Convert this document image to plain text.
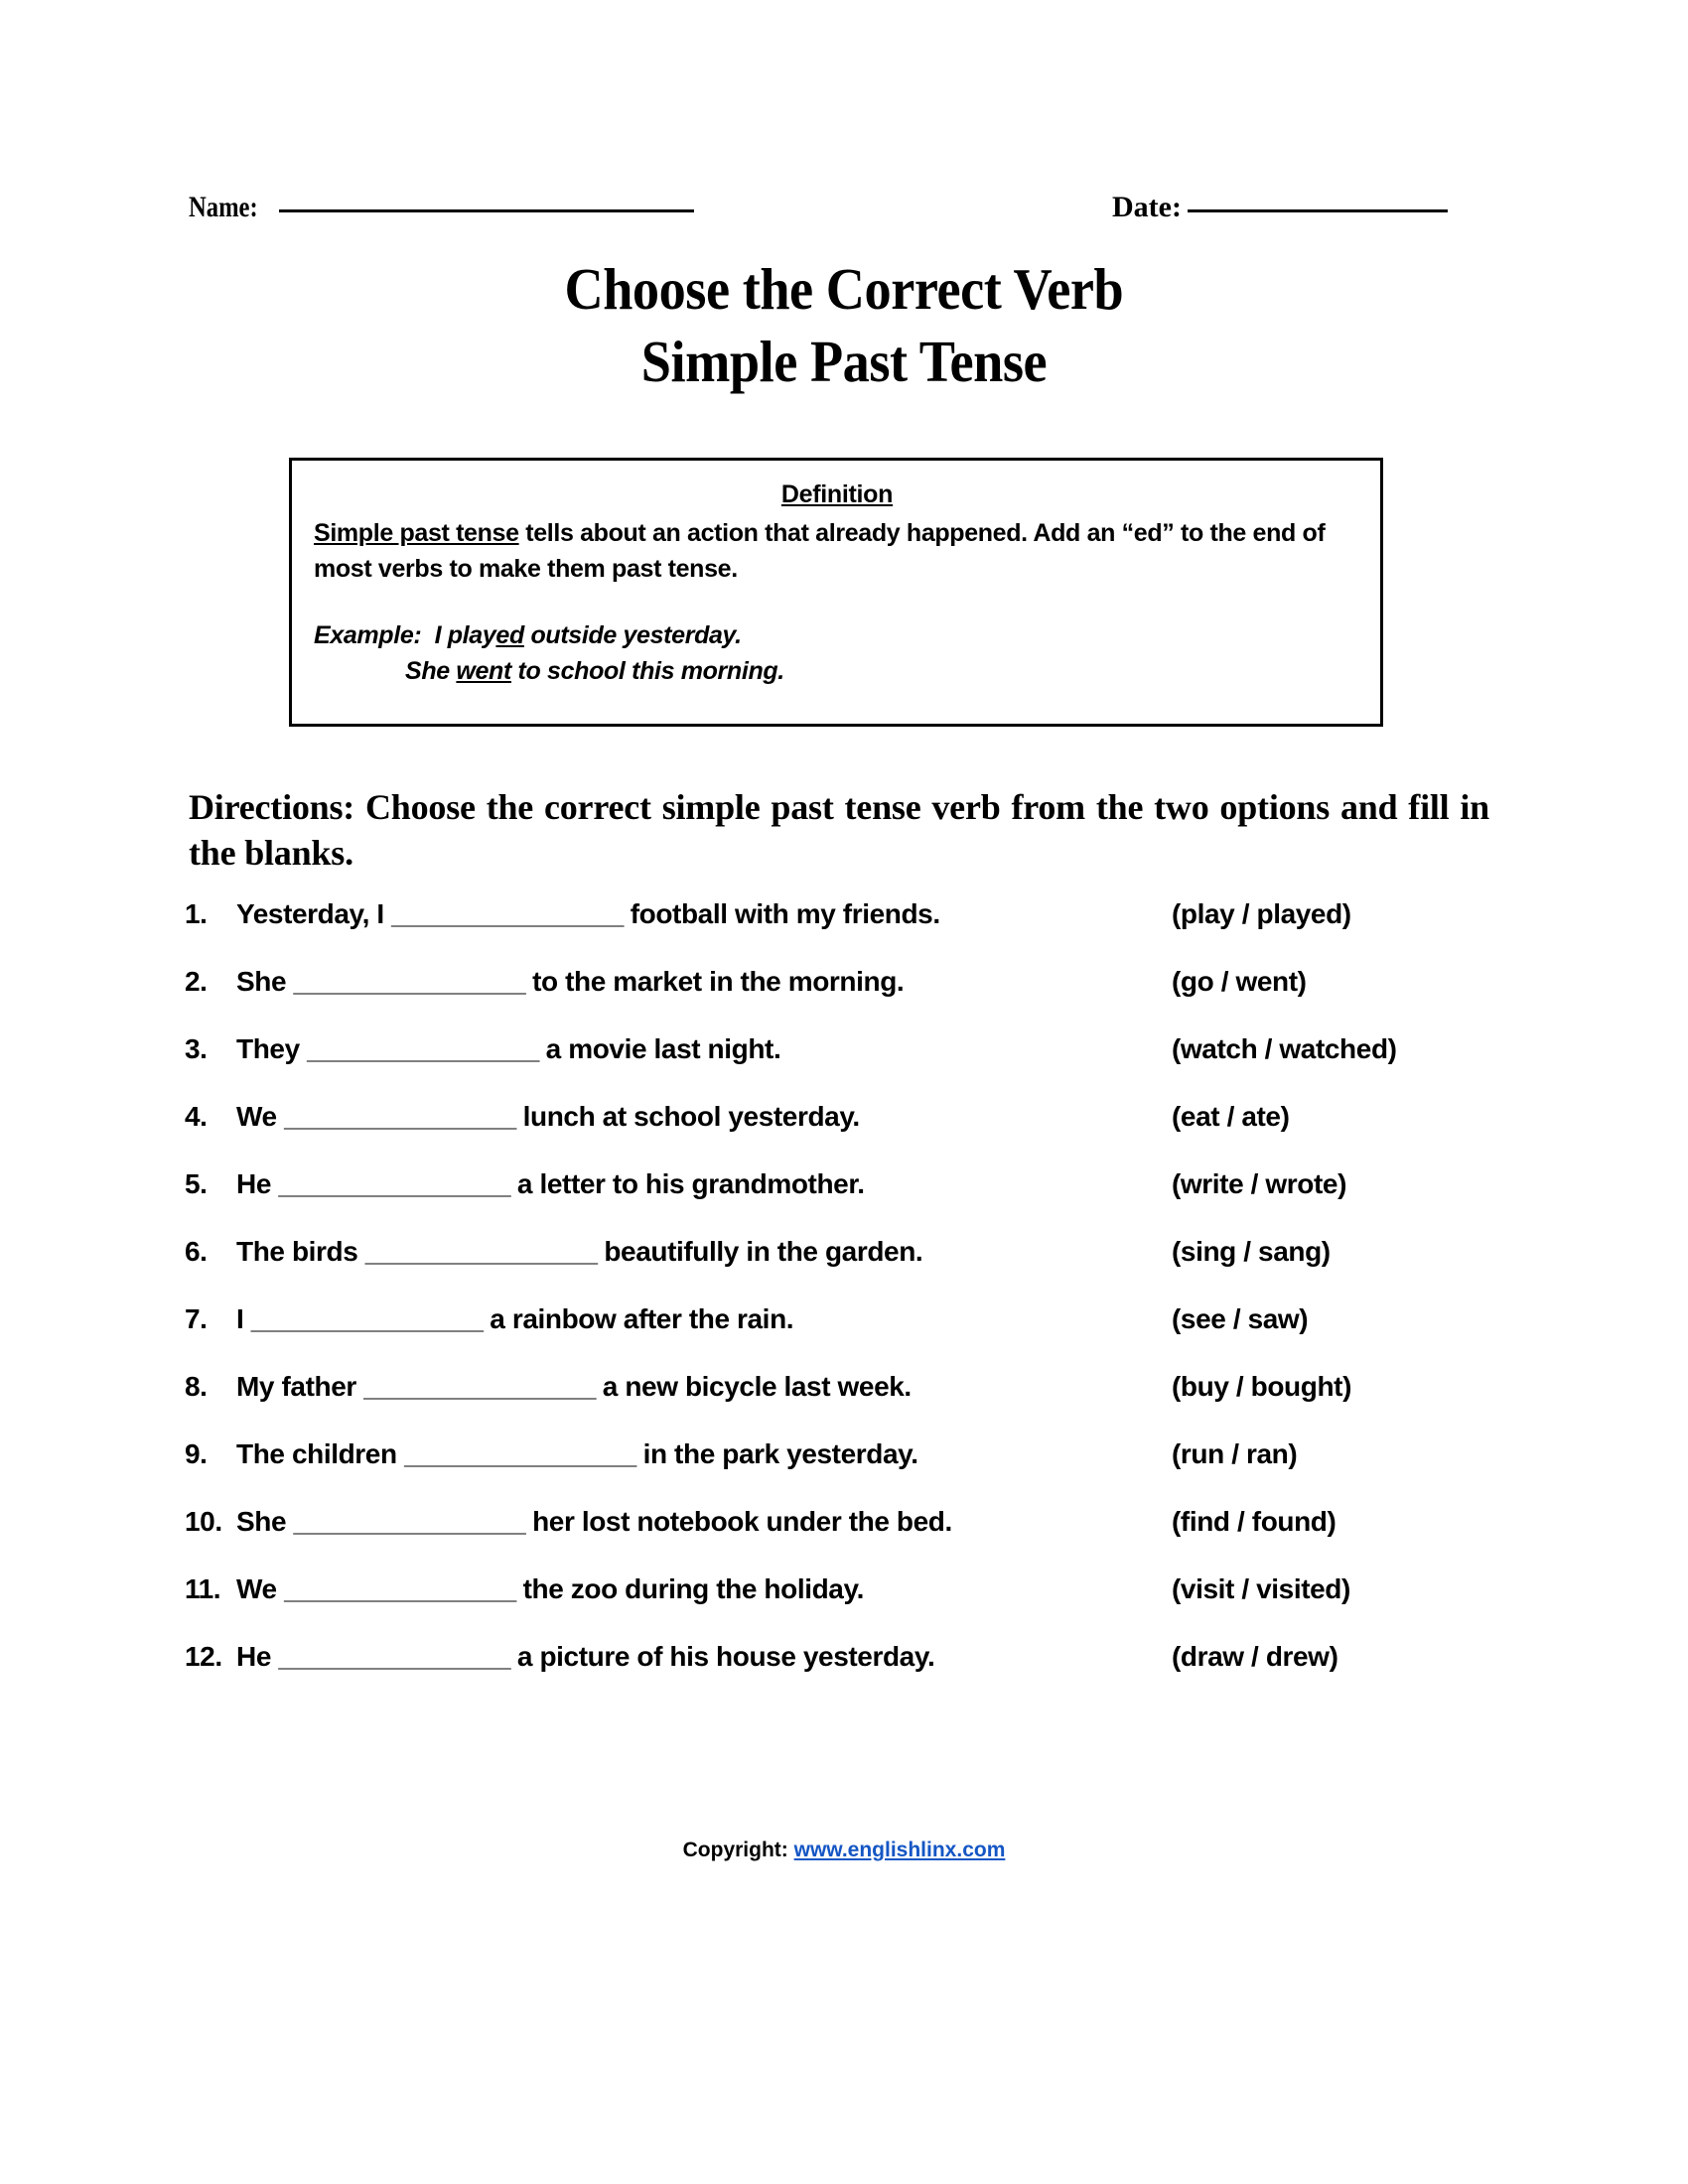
Name:	Date:
Choose the Correct Verb
Simple Past Tense
Definition
Simple past tense tells about an action that already happened. Add an “ed” to the end of most verbs to make them past tense.
Example: I played outside yesterday.
She went to school this morning.
Directions: Choose the correct simple past tense verb from the two options and fill in the blanks.
1. Yesterday, I ________________ football with my friends.	(play / played)
2. She ________________ to the market in the morning.	(go / went)
3. They ________________ a movie last night.	(watch / watched)
4. We ________________ lunch at school yesterday.	(eat / ate)
5. He ________________ a letter to his grandmother.	(write / wrote)
6. The birds ________________ beautifully in the garden.	(sing / sang)
7. I ________________ a rainbow after the rain.	(see / saw)
8. My father ________________ a new bicycle last week.	(buy / bought)
9. The children ________________ in the park yesterday.	(run / ran)
10. She ________________ her lost notebook under the bed.	(find / found)
11. We ________________ the zoo during the holiday.	(visit / visited)
12. He ________________ a picture of his house yesterday.	(draw / drew)
Copyright: www.englishlinx.com
